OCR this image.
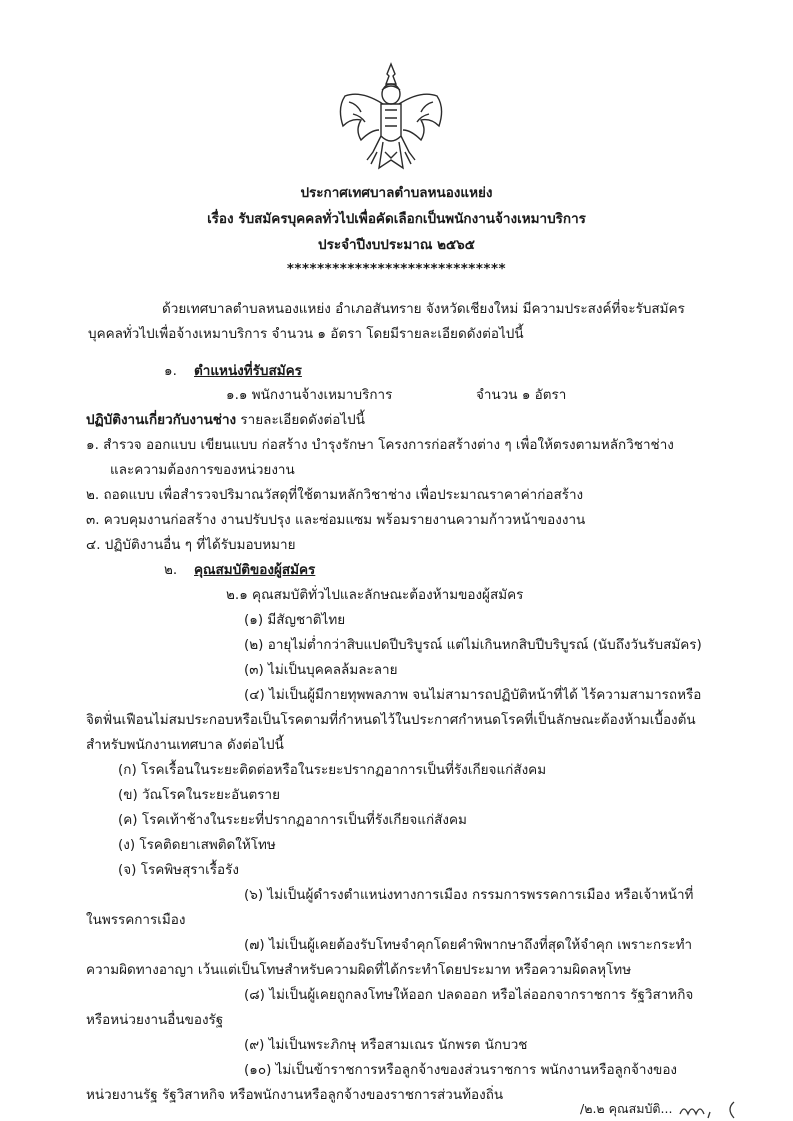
ประกาศเทศบาลตำบลหนองแหย่ง
เรื่อง รับสมัครบุคคลทั่วไปเพื่อคัดเลือกเป็นพนักงานจ้างเหมาบริการ
ประจำปีงบประมาณ ๒๕๖๕
*****************************
ด้วยเทศบาลตำบลหนองแหย่ง อำเภอสันทราย จังหวัดเชียงใหม่ มีความประสงค์ที่จะรับสมัคร
บุคคลทั่วไปเพื่อจ้างเหมาบริการ จำนวน ๑ อัตรา โดยมีรายละเอียดดังต่อไปนี้
๑. ตำแหน่งที่รับสมัคร
๑.๑ พนักงานจ้างเหมาบริการ	จำนวน ๑ อัตรา
ปฏิบัติงานเกี่ยวกับงานช่าง รายละเอียดดังต่อไปนี้
๑. สำรวจ ออกแบบ เขียนแบบ ก่อสร้าง บำรุงรักษา โครงการก่อสร้างต่าง ๆ เพื่อให้ตรงตามหลักวิชาช่าง
และความต้องการของหน่วยงาน
๒. ถอดแบบ เพื่อสำรวจปริมาณวัสดุที่ใช้ตามหลักวิชาช่าง เพื่อประมาณราคาค่าก่อสร้าง
๓. ควบคุมงานก่อสร้าง งานปรับปรุง และซ่อมแซม พร้อมรายงานความก้าวหน้าของงาน
๔. ปฏิบัติงานอื่น ๆ ที่ได้รับมอบหมาย
๒. คุณสมบัติของผู้สมัคร
๒.๑ คุณสมบัติทั่วไปและลักษณะต้องห้ามของผู้สมัคร
(๑) มีสัญชาติไทย
(๒) อายุไม่ต่ำกว่าสิบแปดปีบริบูรณ์ แต่ไม่เกินหกสิบปีบริบูรณ์ (นับถึงวันรับสมัคร)
(๓) ไม่เป็นบุคคลล้มละลาย
(๔) ไม่เป็นผู้มีกายทุพพลภาพ จนไม่สามารถปฏิบัติหน้าที่ได้ ไร้ความสามารถหรือ
จิตฟั่นเฟือนไม่สมประกอบหรือเป็นโรคตามที่กำหนดไว้ในประกาศกำหนดโรคที่เป็นลักษณะต้องห้ามเบื้องต้น
สำหรับพนักงานเทศบาล ดังต่อไปนี้
(ก) โรคเรื้อนในระยะติดต่อหรือในระยะปรากฏอาการเป็นที่รังเกียจแก่สังคม
(ข) วัณโรคในระยะอันตราย
(ค) โรคเท้าช้างในระยะที่ปรากฏอาการเป็นที่รังเกียจแก่สังคม
(ง) โรคติดยาเสพติดให้โทษ
(จ) โรคพิษสุราเรื้อรัง
(๖) ไม่เป็นผู้ดำรงตำแหน่งทางการเมือง กรรมการพรรคการเมือง หรือเจ้าหน้าที่
ในพรรคการเมือง
(๗) ไม่เป็นผู้เคยต้องรับโทษจำคุกโดยคำพิพากษาถึงที่สุดให้จำคุก เพราะกระทำ
ความผิดทางอาญา เว้นแต่เป็นโทษสำหรับความผิดที่ได้กระทำโดยประมาท หรือความผิดลหุโทษ
(๘) ไม่เป็นผู้เคยถูกลงโทษให้ออก ปลดออก หรือไล่ออกจากราชการ รัฐวิสาหกิจ
หรือหน่วยงานอื่นของรัฐ
(๙) ไม่เป็นพระภิกษุ หรือสามเณร นักพรต นักบวช
(๑๐) ไม่เป็นข้าราชการหรือลูกจ้างของส่วนราชการ พนักงานหรือลูกจ้างของ
หน่วยงานรัฐ รัฐวิสาหกิจ หรือพนักงานหรือลูกจ้างของราชการส่วนท้องถิ่น
/๒.๒ คุณสมบัติ...
